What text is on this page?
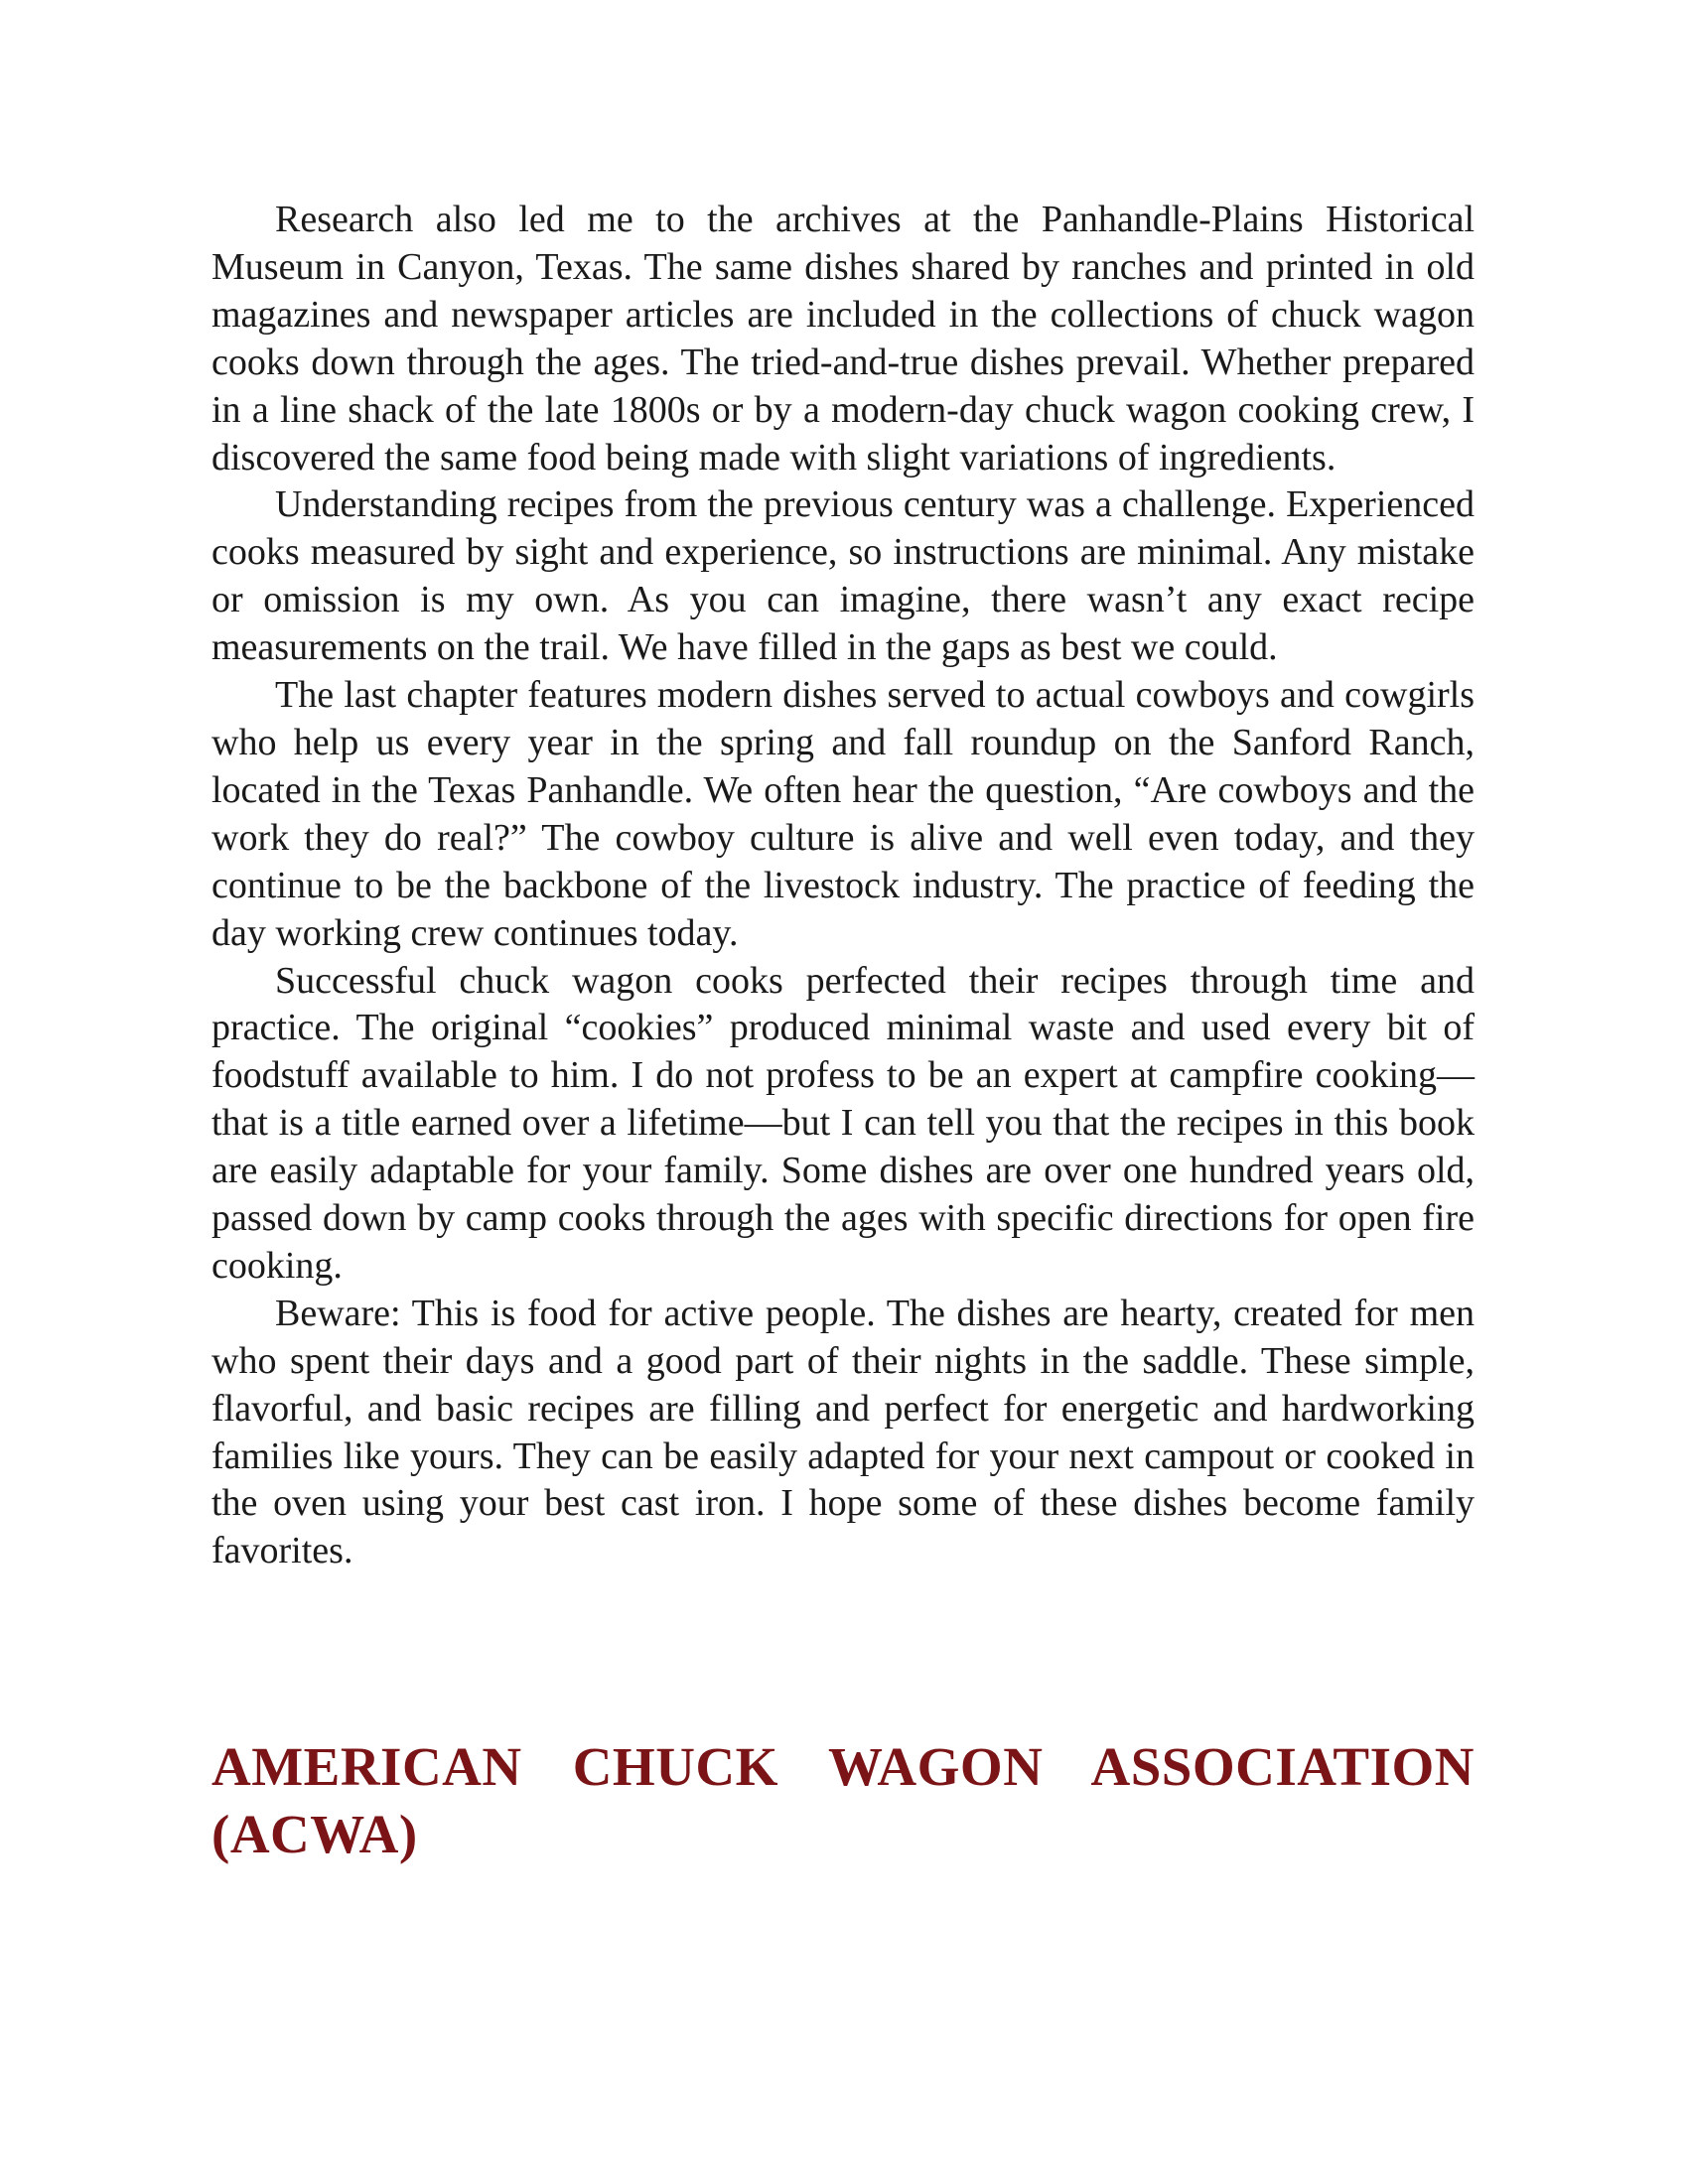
Research also led me to the archives at the Panhandle-Plains Historical Museum in Canyon, Texas. The same dishes shared by ranches and printed in old magazines and newspaper articles are included in the collections of chuck wagon cooks down through the ages. The tried-and-true dishes prevail. Whether prepared in a line shack of the late 1800s or by a modern-day chuck wagon cooking crew, I discovered the same food being made with slight variations of ingredients.

Understanding recipes from the previous century was a challenge. Experienced cooks measured by sight and experience, so instructions are minimal. Any mistake or omission is my own. As you can imagine, there wasn’t any exact recipe measurements on the trail. We have filled in the gaps as best we could.

The last chapter features modern dishes served to actual cowboys and cowgirls who help us every year in the spring and fall roundup on the Sanford Ranch, located in the Texas Panhandle. We often hear the question, “Are cowboys and the work they do real?” The cowboy culture is alive and well even today, and they continue to be the backbone of the livestock industry. The practice of feeding the day working crew continues today.

Successful chuck wagon cooks perfected their recipes through time and practice. The original “cookies” produced minimal waste and used every bit of foodstuff available to him. I do not profess to be an expert at campfire cooking—that is a title earned over a lifetime—but I can tell you that the recipes in this book are easily adaptable for your family. Some dishes are over one hundred years old, passed down by camp cooks through the ages with specific directions for open fire cooking.

Beware: This is food for active people. The dishes are hearty, created for men who spent their days and a good part of their nights in the saddle. These simple, flavorful, and basic recipes are filling and perfect for energetic and hardworking families like yours. They can be easily adapted for your next campout or cooked in the oven using your best cast iron. I hope some of these dishes become family favorites.

AMERICAN CHUCK WAGON ASSOCIATION (ACWA)
